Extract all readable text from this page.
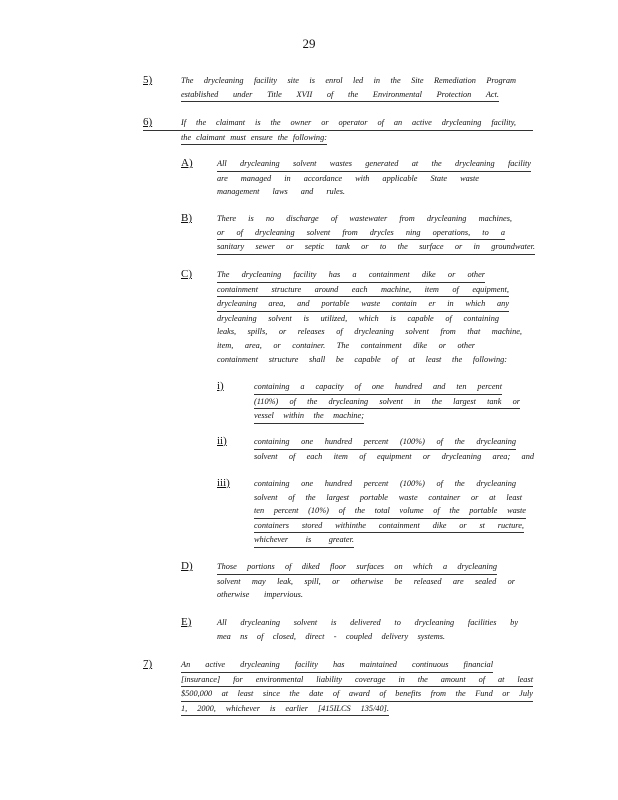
29
5)	The drycleaning facility site is enrol led in the Site Remediation Program
established under Title XVII of the Environmental Protection Act.
6)	If the claimant is the owner or operator of an active drycleaning facility,
the claimant must ensure the following:
A)	All drycleaning solvent wastes generated at the drycleaning facility
are managed in accordance with applicable State waste
management laws and rules.
B)	There is no discharge of wastewater from drycleaning machines,
or of drycleaning solvent from drycles ning operations, to a
sanitary sewer or septic tank or to the surface or in groundwater.
C)	The drycleaning facility has a containment dike or other
containment structure around each machine, item of equipment,
drycleaning area, and portable waste contain er in which any
drycleaning solvent is utilized, which is capable of containing
leaks, spills, or releases of drycleaning solvent from that machine,
item, area, or container. The containment dike or other
containment structure shall be capable of at least the following:
i)	containing a capacity of one hundred and ten percent
(110%) of the drycleaning solvent in the largest tank or
vessel within the machine;
ii)	containing one hundred percent (100%) of the drycleaning
solvent of each item of equipment or drycleaning area; and
iii)	containing one hundred percent (100%) of the drycleaning
solvent of the largest portable waste container or at least
ten percent (10%) of the total volume of the portable waste
containers stored withinthe containment dike or st ructure,
whichever is greater.
D)	Those portions of diked floor surfaces on which a drycleaning
solvent may leak, spill, or otherwise be released are sealed or
otherwise impervious.
E)	All drycleaning solvent is delivered to drycleaning facilities by
mea ns of closed, direct - coupled delivery systems.
7)	An active drycleaning facility has maintained continuous financial
[insurance] for environmental liability coverage in the amount of at least
$500,000 at least since the date of award of benefits from the Fund or July
1, 2000, whichever is earlier [415ILCS 135/40].
